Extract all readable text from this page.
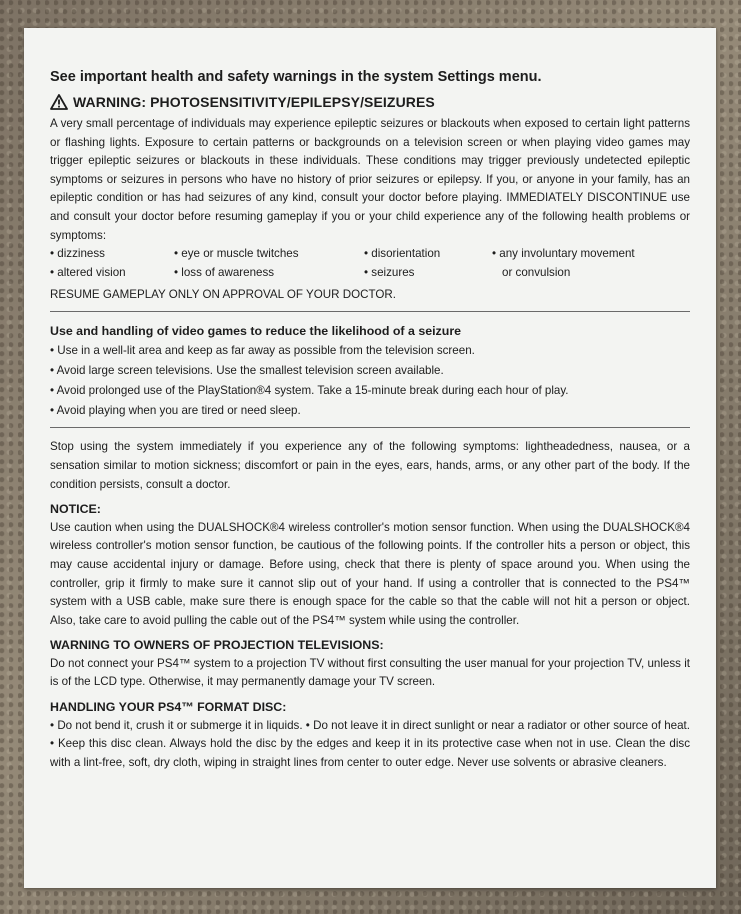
See important health and safety warnings in the system Settings menu.
WARNING: PHOTOSENSITIVITY/EPILEPSY/SEIZURES

A very small percentage of individuals may experience epileptic seizures or blackouts when exposed to certain light patterns or flashing lights. Exposure to certain patterns or backgrounds on a television screen or when playing video games may trigger epileptic seizures or blackouts in these individuals. These conditions may trigger previously undetected epileptic symptoms or seizures in persons who have no history of prior seizures or epilepsy. If you, or anyone in your family, has an epileptic condition or has had seizures of any kind, consult your doctor before playing. IMMEDIATELY DISCONTINUE use and consult your doctor before resuming gameplay if you or your child experience any of the following health problems or symptoms:

• dizziness
• altered vision
• eye or muscle twitches
• loss of awareness
• disorientation
• seizures
• any involuntary movement
or convulsion

RESUME GAMEPLAY ONLY ON APPROVAL OF YOUR DOCTOR.

Use and handling of video games to reduce the likelihood of a seizure
• Use in a well-lit area and keep as far away as possible from the television screen.
• Avoid large screen televisions. Use the smallest television screen available.
• Avoid prolonged use of the PlayStation®4 system. Take a 15-minute break during each hour of play.
• Avoid playing when you are tired or need sleep.

Stop using the system immediately if you experience any of the following symptoms: lightheadedness, nausea, or a sensation similar to motion sickness; discomfort or pain in the eyes, ears, hands, arms, or any other part of the body. If the condition persists, consult a doctor.

NOTICE:

Use caution when using the DUALSHOCK®4 wireless controller's motion sensor function. When using the DUALSHOCK®4 wireless controller's motion sensor function, be cautious of the following points. If the controller hits a person or object, this may cause accidental injury or damage. Before using, check that there is plenty of space around you. When using the controller, grip it firmly to make sure it cannot slip out of your hand. If using a controller that is connected to the PS4™ system with a USB cable, make sure there is enough space for the cable so that the cable will not hit a person or object. Also, take care to avoid pulling the cable out of the PS4™ system while using the controller.

WARNING TO OWNERS OF PROJECTION TELEVISIONS:

Do not connect your PS4™ system to a projection TV without first consulting the user manual for your projection TV, unless it is of the LCD type. Otherwise, it may permanently damage your TV screen.

HANDLING YOUR PS4™ FORMAT DISC:

• Do not bend it, crush it or submerge it in liquids. • Do not leave it in direct sunlight or near a radiator or other source of heat. • Keep this disc clean. Always hold the disc by the edges and keep it in its protective case when not in use. Clean the disc with a lint-free, soft, dry cloth, wiping in straight lines from center to outer edge. Never use solvents or abrasive cleaners.
